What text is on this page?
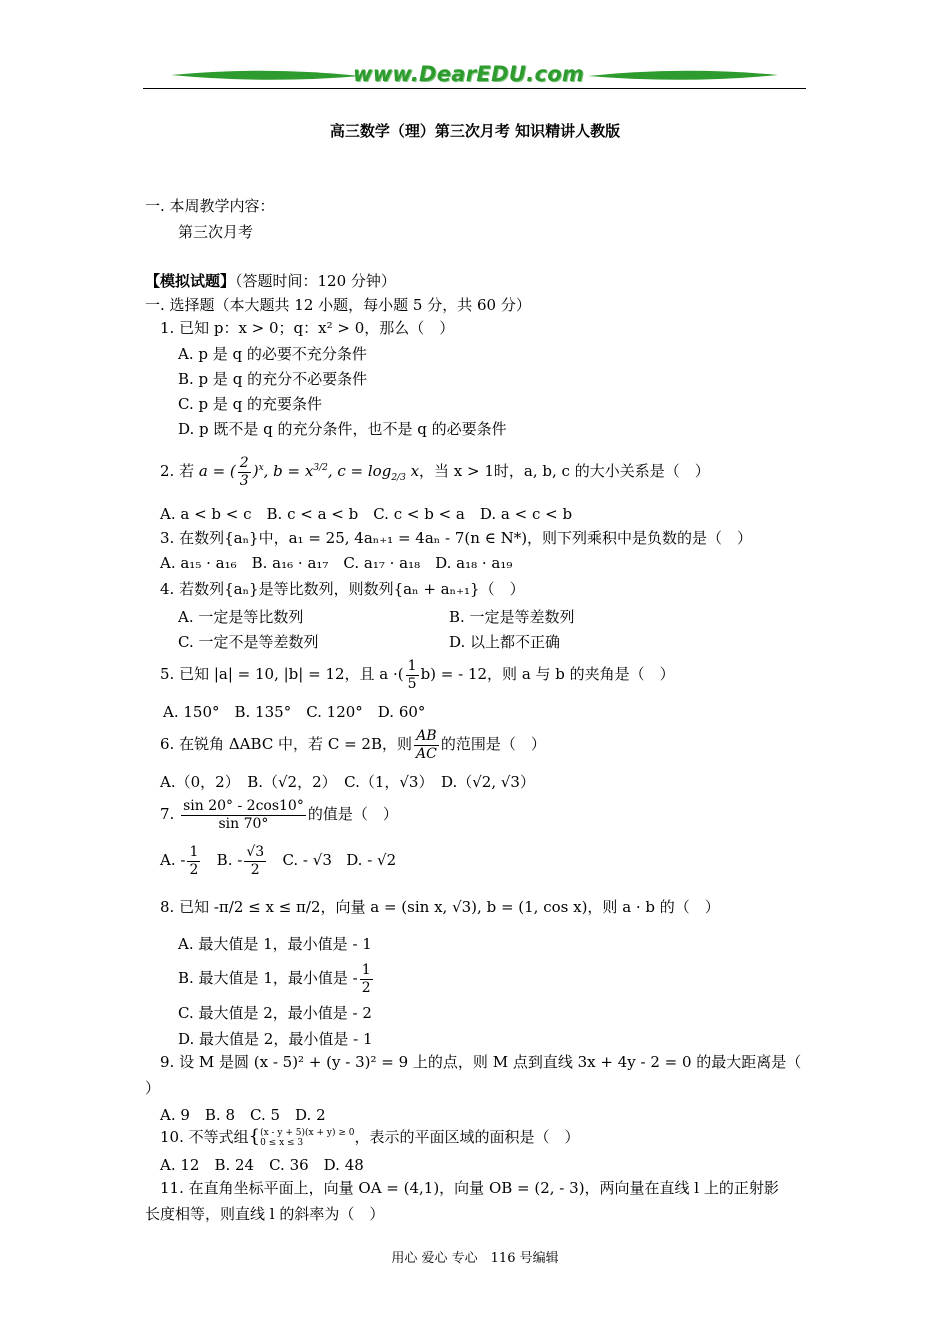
www.DearEDU.com
高三数学（理）第三次月考 知识精讲人教版
一. 本周教学内容：
第三次月考
【模拟试题】（答题时间：120 分钟）
一. 选择题（本大题共 12 小题，每小题 5 分，共 60 分）
1. 已知 p：x > 0；q：x² > 0，那么（　）
A. p 是 q 的必要不充分条件
B. p 是 q 的充分不必要条件
C. p 是 q 的充要条件
D. p 既不是 q 的充分条件，也不是 q 的必要条件
2. 若 a = ( $\frac{2}{3} )^x$, $b = x^{3/2}$, $c = \log_{2/3} x$，当 x > 1时，a, b, c 的大小关系是（　）
A. a < b < c　B. c < a < b　C. c < b < a　D. a < c < b
3. 在数列{aₙ}中，a₁ = 25, 4aₙ₊₁ = 4aₙ - 7(n ∈ N*)，则下列乘积中是负数的是（　）
A. a₁₅ · a₁₆　B. a₁₆ · a₁₇　C. a₁₇ · a₁₈　D. a₁₈ · a₁₉
4. 若数列{aₙ}是等比数列，则数列{aₙ + aₙ₊₁}（　）
A. 一定是等比数列	B. 一定是等差数列
C. 一定不是等差数列	D. 以上都不正确
5. 已知 |a| = 10, |b| = 12，且 a ·( $\frac{1}{5} b$) = - 12，则 a 与 b 的夹角是（　）
A. 150°　B. 135°　C. 120°　D. 60°
6. 在锐角 ΔABC 中，若 C = 2B，则 $\frac{AB}{AC}$ 的范围是（　）
A.（0，2）　B.（√2，2）　C.（1，√3）　D.（√2, √3）
7. $\frac{\sin 20^\circ - 2\cos 10^\circ}{\sin 70^\circ}$ 的值是（　）
A. - $\frac{1}{2} B$. - $\frac{√3}{2} C$. - √3 D. - √2
8. 已知 -π/2 ≤ x ≤ π/2，向量 a = (sin x, √3), b = (1, cos x)，则 a · b 的（　）
A. 最大值是 1，最小值是 - 1
B. 最大值是 1，最小值是 - $\frac{1}{2}$
C. 最大值是 2，最小值是 - 2
D. 最大值是 2，最小值是 - 1
9. 设 M 是圆 (x - 5)² + (y - 3)² = 9 上的点，则 M 点到直线 3x + 4y - 2 = 0 的最大距离是（
）
A. 9　B. 8　C. 5　D. 2
10. 不等式组{ (x - y + 5)(x + y) ≥ 0
0 ≤ x ≤ 3	，表示的平面区域的面积是（　）
A. 12　B. 24　C. 36　D. 48
11. 在直角坐标平面上，向量 OA = (4,1)，向量 OB = (2, - 3)，两向量在直线 l 上的正射影
长度相等，则直线 l 的斜率为（　）
用心 爱心 专心　116 号编辑
